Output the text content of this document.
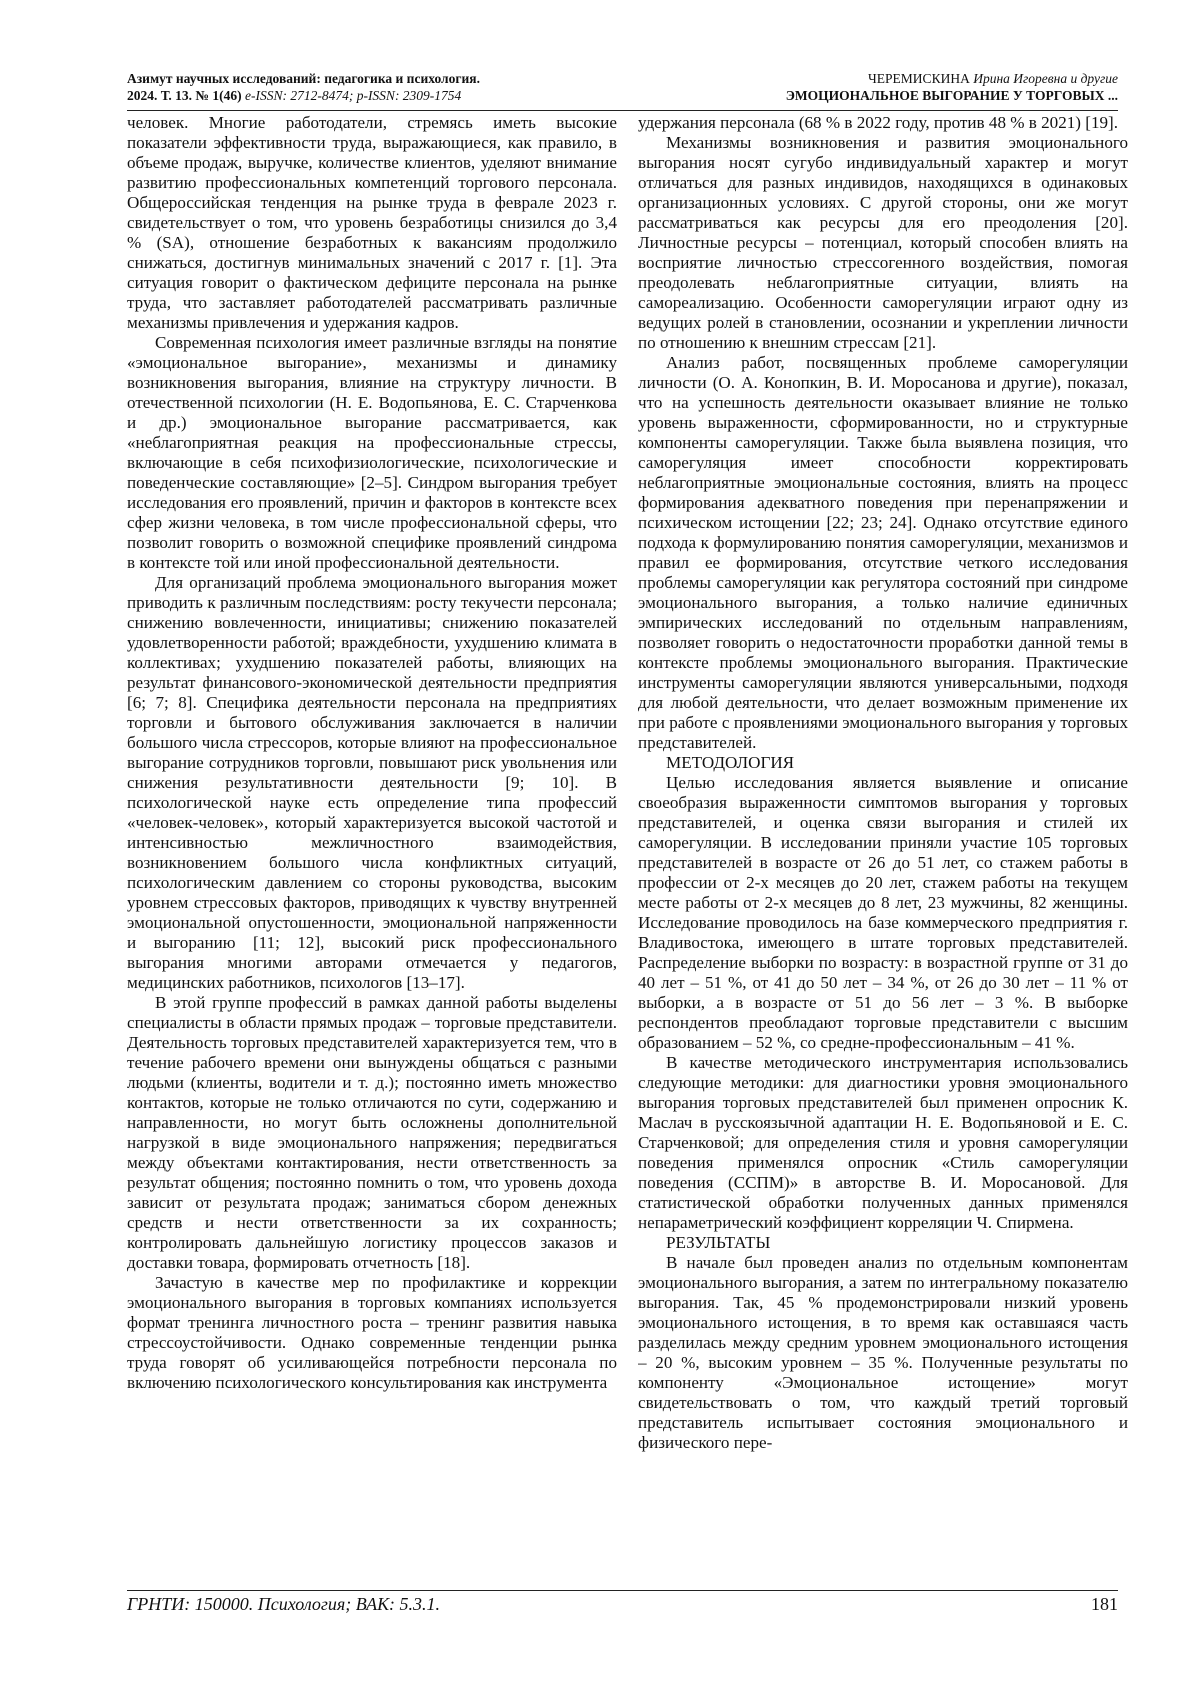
Азимут научных исследований: педагогика и психология.
2024. Т. 13. № 1(46) e-ISSN: 2712-8474; p-ISSN: 2309-1754
ЧЕРЕМИСКИНА Ирина Игоревна и другие
ЭМОЦИОНАЛЬНОЕ ВЫГОРАНИЕ У ТОРГОВЫХ ...

человек. Многие работодатели, стремясь иметь высокие показатели эффективности труда, выражающиеся, как правило, в объеме продаж, выручке, количестве клиентов, уделяют внимание развитию профессиональных компетенций торгового персонала. Общероссийская тенденция на рынке труда в феврале 2023 г. свидетельствует о том, что уровень безработицы снизился до 3,4 % (SA), отношение безработных к вакансиям продолжило снижаться, достигнув минимальных значений с 2017 г. [1]. Эта ситуация говорит о фактическом дефиците персонала на рынке труда, что заставляет работодателей рассматривать различные механизмы привлечения и удержания кадров.

Современная психология имеет различные взгляды на понятие «эмоциональное выгорание», механизмы и динамику возникновения выгорания, влияние на структуру личности. В отечественной психологии (Н. Е. Водопьянова, Е. С. Старченкова и др.) эмоциональное выгорание рассматривается, как «неблагоприятная реакция на профессиональные стрессы, включающие в себя психофизиологические, психологические и поведенческие составляющие» [2–5]. Синдром выгорания требует исследования его проявлений, причин и факторов в контексте всех сфер жизни человека, в том числе профессиональной сферы, что позволит говорить о возможной специфике проявлений синдрома в контексте той или иной профессиональной деятельности.

Для организаций проблема эмоционального выгорания может приводить к различным последствиям: росту текучести персонала; снижению вовлеченности, инициативы; снижению показателей удовлетворенности работой; враждебности, ухудшению климата в коллективах; ухудшению показателей работы, влияющих на результат финансового-экономической деятельности предприятия [6; 7; 8]. Специфика деятельности персонала на предприятиях торговли и бытового обслуживания заключается в наличии большого числа стрессоров, которые влияют на профессиональное выгорание сотрудников торговли, повышают риск увольнения или снижения результативности деятельности [9; 10]. В психологической науке есть определение типа профессий «человек-человек», который характеризуется высокой частотой и интенсивностью межличностного взаимодействия, возникновением большого числа конфликтных ситуаций, психологическим давлением со стороны руководства, высоким уровнем стрессовых факторов, приводящих к чувству внутренней эмоциональной опустошенности, эмоциональной напряженности и выгоранию [11; 12], высокий риск профессионального выгорания многими авторами отмечается у педагогов, медицинских работников, психологов [13–17].

В этой группе профессий в рамках данной работы выделены специалисты в области прямых продаж – торговые представители. Деятельность торговых представителей характеризуется тем, что в течение рабочего времени они вынуждены общаться с разными людьми (клиенты, водители и т. д.); постоянно иметь множество контактов, которые не только отличаются по сути, содержанию и направленности, но могут быть осложнены дополнительной нагрузкой в виде эмоционального напряжения; передвигаться между объектами контактирования, нести ответственность за результат общения; постоянно помнить о том, что уровень дохода зависит от результата продаж; заниматься сбором денежных средств и нести ответственности за их сохранность; контролировать дальнейшую логистику процессов заказов и доставки товара, формировать отчетность [18].

Зачастую в качестве мер по профилактике и коррекции эмоционального выгорания в торговых компаниях используется формат тренинга личностного роста – тренинг развития навыка стрессоустойчивости. Однако современные тенденции рынка труда говорят об усиливающейся потребности персонала по включению психологического консультирования как инструмента

удержания персонала (68 % в 2022 году, против 48 % в 2021) [19].

Механизмы возникновения и развития эмоционального выгорания носят сугубо индивидуальный характер и могут отличаться для разных индивидов, находящихся в одинаковых организационных условиях. С другой стороны, они же могут рассматриваться как ресурсы для его преодоления [20]. Личностные ресурсы – потенциал, который способен влиять на восприятие личностью стрессогенного воздействия, помогая преодолевать неблагоприятные ситуации, влиять на самореализацию. Особенности саморегуляции играют одну из ведущих ролей в становлении, осознании и укреплении личности по отношению к внешним стрессам [21].

Анализ работ, посвященных проблеме саморегуляции личности (О. А. Конопкин, В. И. Моросанова и другие), показал, что на успешность деятельности оказывает влияние не только уровень выраженности, сформированности, но и структурные компоненты саморегуляции. Также была выявлена позиция, что саморегуляция имеет способности корректировать неблагоприятные эмоциональные состояния, влиять на процесс формирования адекватного поведения при перенапряжении и психическом истощении [22; 23; 24]. Однако отсутствие единого подхода к формулированию понятия саморегуляции, механизмов и правил ее формирования, отсутствие четкого исследования проблемы саморегуляции как регулятора состояний при синдроме эмоционального выгорания, а только наличие единичных эмпирических исследований по отдельным направлениям, позволяет говорить о недостаточности проработки данной темы в контексте проблемы эмоционального выгорания. Практические инструменты саморегуляции являются универсальными, подходя для любой деятельности, что делает возможным применение их при работе с проявлениями эмоционального выгорания у торговых представителей.

МЕТОДОЛОГИЯ

Целью исследования является выявление и описание своеобразия выраженности симптомов выгорания у торговых представителей, и оценка связи выгорания и стилей их саморегуляции. В исследовании приняли участие 105 торговых представителей в возрасте от 26 до 51 лет, со стажем работы в профессии от 2-х месяцев до 20 лет, стажем работы на текущем месте работы от 2-х месяцев до 8 лет, 23 мужчины, 82 женщины. Исследование проводилось на базе коммерческого предприятия г. Владивостока, имеющего в штате торговых представителей. Распределение выборки по возрасту: в возрастной группе от 31 до 40 лет – 51 %, от 41 до 50 лет – 34 %, от 26 до 30 лет – 11 % от выборки, а в возрасте от 51 до 56 лет – 3 %. В выборке респондентов преобладают торговые представители с высшим образованием – 52 %, со средне-профессиональным – 41 %.

В качестве методического инструментария использовались следующие методики: для диагностики уровня эмоционального выгорания торговых представителей был применен опросник К. Маслач в русскоязычной адаптации Н. Е. Водопьяновой и Е. С. Старченковой; для определения стиля и уровня саморегуляции поведения применялся опросник «Стиль саморегуляции поведения (ССПМ)» в авторстве В. И. Моросановой. Для статистической обработки полученных данных применялся непараметрический коэффициент корреляции Ч. Спирмена.

РЕЗУЛЬТАТЫ

В начале был проведен анализ по отдельным компонентам эмоционального выгорания, а затем по интегральному показателю выгорания. Так, 45 % продемонстрировали низкий уровень эмоционального истощения, в то время как оставшаяся часть разделилась между средним уровнем эмоционального истощения – 20 %, высоким уровнем – 35 %. Полученные результаты по компоненту «Эмоциональное истощение» могут свидетельствовать о том, что каждый третий торговый представитель испытывает состояния эмоционального и физического пере-

ГРНТИ: 150000. Психология; ВАК: 5.3.1.	181
